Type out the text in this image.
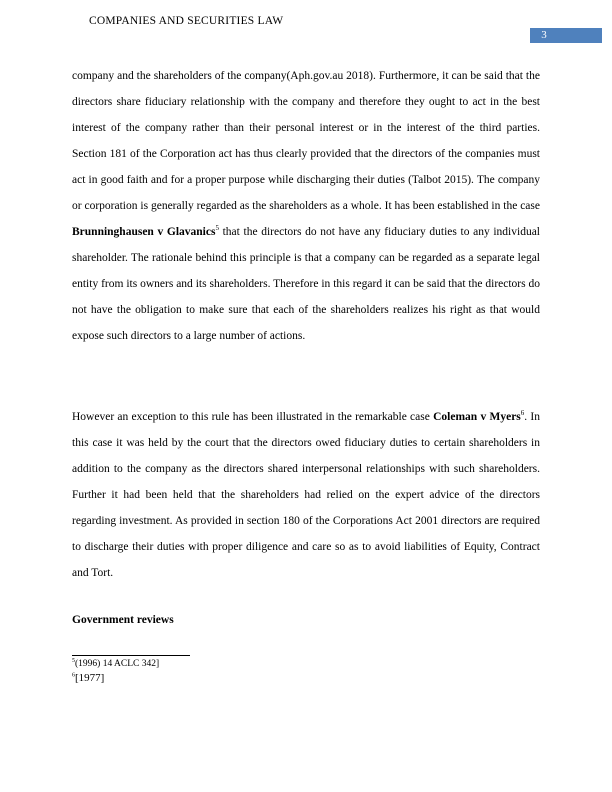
COMPANIES AND SECURITIES LAW
3

company and the shareholders of the company(Aph.gov.au 2018). Furthermore, it can be said that the directors share fiduciary relationship with the company and therefore they ought to act in the best interest of the company rather than their personal interest or in the interest of the third parties. Section 181 of the Corporation act has thus clearly provided that the directors of the companies must act in good faith and for a proper purpose while discharging their duties (Talbot 2015). The company or corporation is generally regarded as the shareholders as a whole. It has been established in the case Brunninghausen v Glavanics$^5$ that the directors do not have any fiduciary duties to any individual shareholder. The rationale behind this principle is that a company can be regarded as a separate legal entity from its owners and its shareholders. Therefore in this regard it can be said that the directors do not have the obligation to make sure that each of the shareholders realizes his right as that would expose such directors to a large number of actions.

However an exception to this rule has been illustrated in the remarkable case Coleman v Myers$^6$. In this case it was held by the court that the directors owed fiduciary duties to certain shareholders in addition to the company as the directors shared interpersonal relationships with such shareholders. Further it had been held that the shareholders had relied on the expert advice of the directors regarding investment. As provided in section 180 of the Corporations Act 2001 directors are required to discharge their duties with proper diligence and care so as to avoid liabilities of Equity, Contract and Tort.

Government reviews
$^5$(1996) 14 ACLC 342]
$^6$[1977]
